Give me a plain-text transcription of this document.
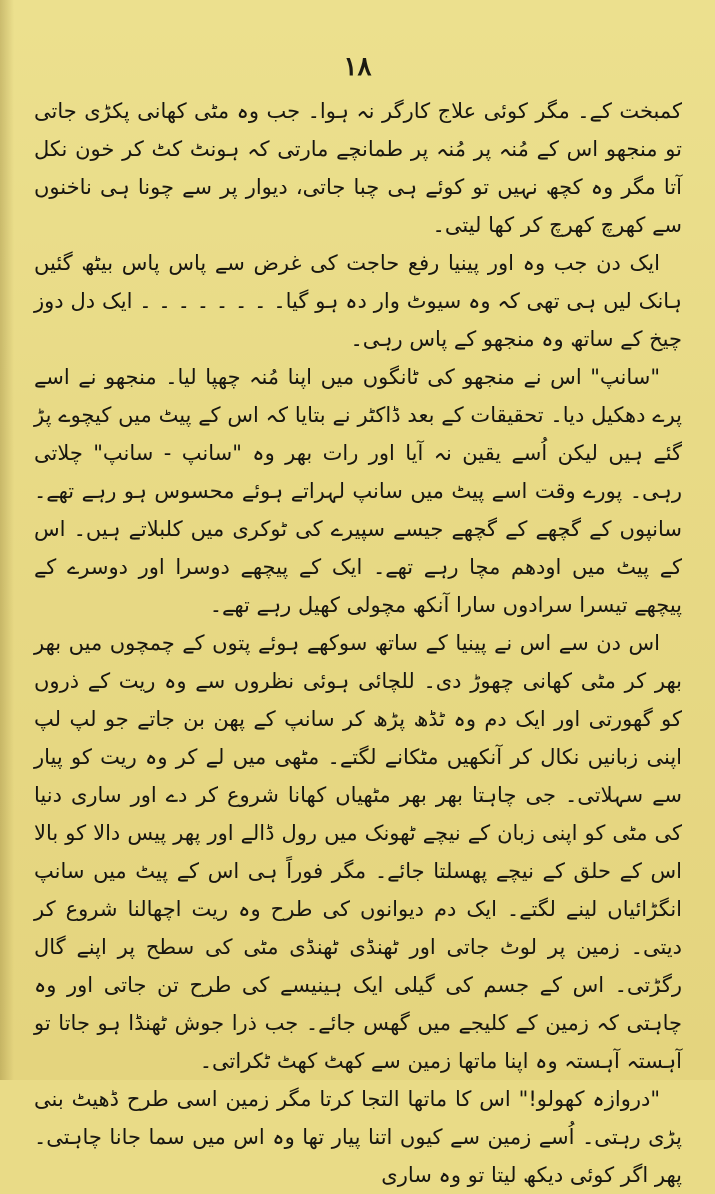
۱۸

کمبخت کے۔ مگر کوئی علاج کارگر نہ ہوا۔ جب وہ مٹی کھانی پکڑی جاتی تو منجھو اس کے مُنہ پر مُنہ پر طمانچے مارتی کہ ہونٹ کٹ کر خون نکل آتا مگر وہ کچھ نہیں تو کوئے ہی چبا جاتی، دیوار پر سے چونا ہی ناخنوں سے کھرچ کھرچ کر کھا لیتی۔

ایک دن جب وہ اور پینیا رفع حاجت کی غرض سے پاس پاس بیٹھ گئیں ہانک لیں ہی تھی کہ وہ سیوٹ وار دہ ہو گیا۔ ۔ ۔ ۔ ۔ ۔ ۔ ۔ ایک دل دوز چیخ کے ساتھ وہ منجھو کے پاس رہی۔

"سانپ" اس نے منجھو کی ٹانگوں میں اپنا مُنہ چھپا لیا۔ منجھو نے اسے پرے دھکیل دیا۔ تحقیقات کے بعد ڈاکٹر نے بتایا کہ اس کے پیٹ میں کیچوے پڑ گئے ہیں لیکن اُسے یقین نہ آیا اور رات بھر وہ "سانپ - سانپ" چلاتی رہی۔ پورے وقت اسے پیٹ میں سانپ لہراتے ہوئے محسوس ہو رہے تھے۔ سانپوں کے گچھے کے گچھے جیسے سپیرے کی ٹوکری میں کلبلاتے ہیں۔ اس کے پیٹ میں اودھم مچا رہے تھے۔ ایک کے پیچھے دوسرا اور دوسرے کے پیچھے تیسرا سرادوں سارا آنکھ مچولی کھیل رہے تھے۔

اس دن سے اس نے پینیا کے ساتھ سوکھے ہوئے پتوں کے چمچوں میں بھر بھر کر مٹی کھانی چھوڑ دی۔ للچائی ہوئی نظروں سے وہ ریت کے ذروں کو گھورتی اور ایک دم وہ ٹڈھ پڑھ کر سانپ کے پھن بن جاتے جو لپ لپ اپنی زبانیں نکال کر آنکھیں مٹکانے لگتے۔ مٹھی میں لے کر وہ ریت کو پیار سے سہلاتی۔ جی چاہتا بھر بھر مٹھیاں کھانا شروع کر دے اور ساری دنیا کی مٹی کو اپنی زبان کے نیچے ٹھونک میں رول ڈالے اور پھر پیس دالا کو بالا اس کے حلق کے نیچے پھسلتا جائے۔ مگر فوراً ہی اس کے پیٹ میں سانپ انگڑائیاں لینے لگتے۔ ایک دم دیوانوں کی طرح وہ ریت اچھالنا شروع کر دیتی۔ زمین پر لوٹ جاتی اور ٹھنڈی ٹھنڈی مٹی کی سطح پر اپنے گال رگڑتی۔ اس کے جسم کی گیلی ایک ہینیسے کی طرح تن جاتی اور وہ چاہتی کہ زمین کے کلیجے میں گھس جائے۔ جب ذرا جوش ٹھنڈا ہو جاتا تو آہستہ آہستہ وہ اپنا ماتھا زمین سے کھٹ کھٹ ٹکراتی۔

"دروازہ کھولو!" اس کا ماتھا التجا کرتا مگر زمین اسی طرح ڈھیٹ بنی پڑی رہتی۔ اُسے زمین سے کیوں اتنا پیار تھا وہ اس میں سما جانا چاہتی۔ پھر اگر کوئی دیکھ لیتا تو وہ ساری
